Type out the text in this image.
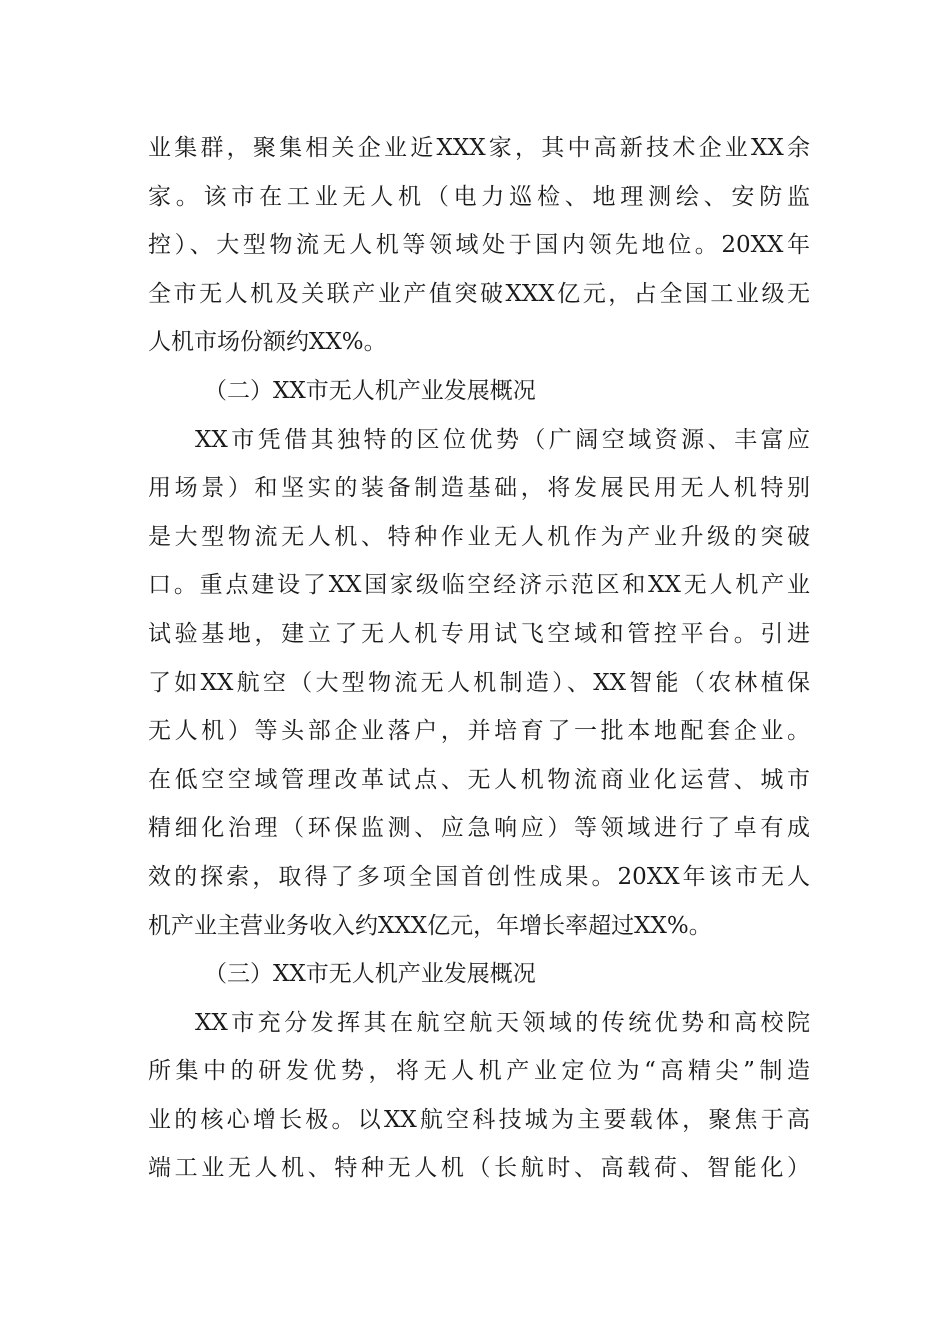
业集群，聚集相关企业近XXX家，其中高新技术企业XX余
家。该市在工业无人机（电力巡检、地理测绘、安防监
控）、大型物流无人机等领域处于国内领先地位。20XX年
全市无人机及关联产业产值突破XXX亿元，占全国工业级无
人机市场份额约XX%。
（二）XX市无人机产业发展概况
XX市凭借其独特的区位优势（广阔空域资源、丰富应
用场景）和坚实的装备制造基础，将发展民用无人机特别
是大型物流无人机、特种作业无人机作为产业升级的突破
口。重点建设了XX国家级临空经济示范区和XX无人机产业
试验基地，建立了无人机专用试飞空域和管控平台。引进
了如XX航空（大型物流无人机制造）、XX智能（农林植保
无人机）等头部企业落户，并培育了一批本地配套企业。
在低空空域管理改革试点、无人机物流商业化运营、城市
精细化治理（环保监测、应急响应）等领域进行了卓有成
效的探索，取得了多项全国首创性成果。20XX年该市无人
机产业主营业务收入约XXX亿元，年增长率超过XX%。
（三）XX市无人机产业发展概况
XX市充分发挥其在航空航天领域的传统优势和高校院
所集中的研发优势，将无人机产业定位为“高精尖”制造
业的核心增长极。以XX航空科技城为主要载体，聚焦于高
端工业无人机、特种无人机（长航时、高载荷、智能化）
